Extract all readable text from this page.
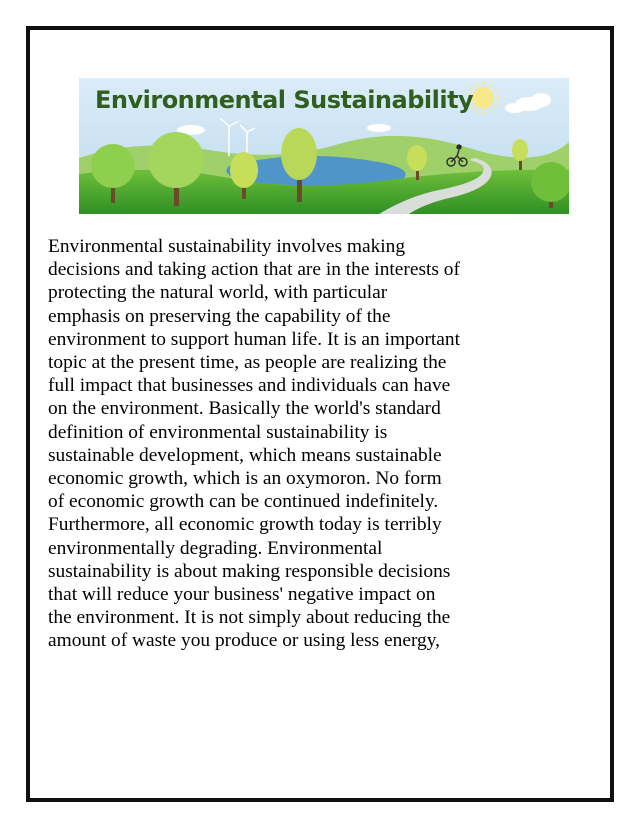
Environmental Sustainability

Environmental sustainability involves making
decisions and taking action that are in the interests of
protecting the natural world, with particular
emphasis on preserving the capability of the
environment to support human life. It is an important
topic at the present time, as people are realizing the
full impact that businesses and individuals can have
on the environment. Basically the world's standard
definition of environmental sustainability is
sustainable development, which means sustainable
economic growth, which is an oxymoron. No form
of economic growth can be continued indefinitely.
Furthermore, all economic growth today is terribly
environmentally degrading. Environmental
sustainability is about making responsible decisions
that will reduce your business' negative impact on
the environment. It is not simply about reducing the
amount of waste you produce or using less energy,
